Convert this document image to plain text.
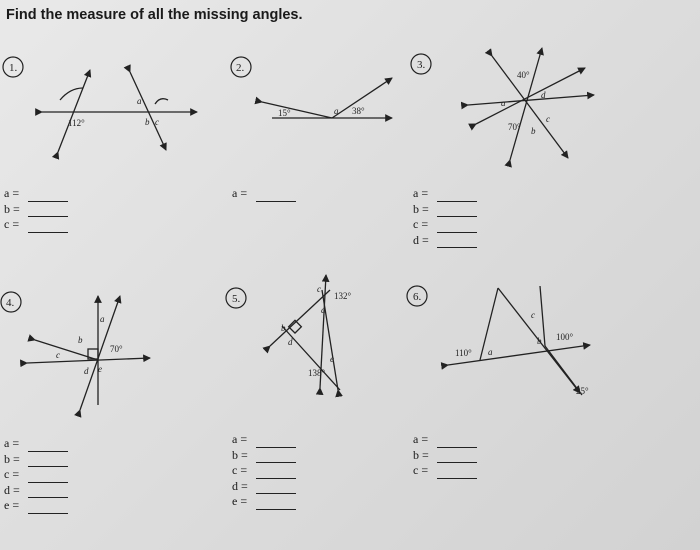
Find the measure of all the missing angles.
1.	2.	3.
4.	5.	6.
112°
a
b c
15°	a 38°
40°
70°
a
b
c
d
70°
a
b
c
d e
132°
138°
a
b
c
d
e
110°
100°
25°
a
b
c
a =
b =
c =
a =	a =
b =
c =
d =
a =
b =
c =
d =
e =
a =
b =
c =
d =
e =
a =
b =
c =
